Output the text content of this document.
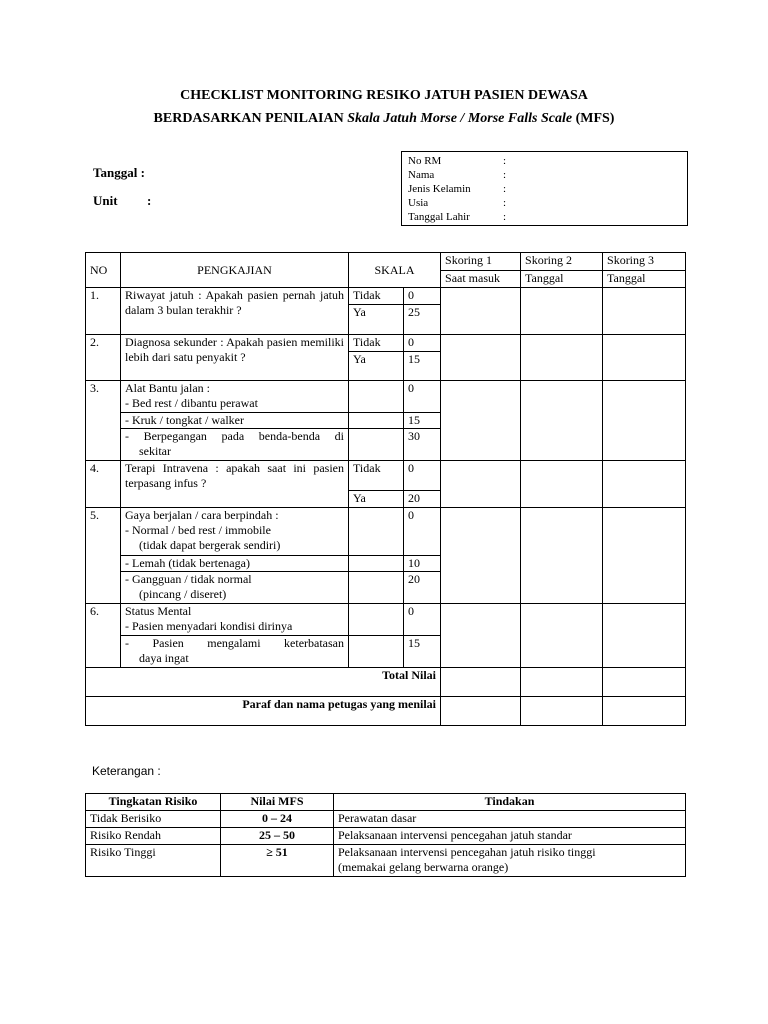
CHECKLIST MONITORING RESIKO JATUH PASIEN DEWASA
BERDASARKAN PENILAIAN Skala Jatuh Morse / Morse Falls Scale (MFS)
Tanggal :
Unit :
No RM	:
Nama	:
Jenis Kelamin	:
Usia	:
Tanggal Lahir	:
NO	PENGKAJIAN	SKALA		Skoring 1	Skoring 2	Skoring 3
				Saat masuk	Tanggal	Tanggal
1.	Riwayat jatuh : Apakah pasien pernah jatuh dalam 3 bulan terakhir ?	Tidak	0			
		Ya	25			
2.	Diagnosa sekunder : Apakah pasien memiliki lebih dari satu penyakit ?	Tidak	0			
		Ya	15			
3.	Alat Bantu jalan :
- Bed rest / dibantu perawat		0			
	- Kruk / tongkat / walker		15			

	- Berpegangan pada benda-benda di
sekitar		30			
4.	Terapi Intravena : apakah saat ini pasien terpasang infus ?	Tidak	0			
		Ya	20			
5.	Gaya berjalan / cara berpindah :
- Normal / bed rest / immobile
(tidak dapat bergerak sendiri)		0			
	- Lemah (tidak bertenaga)		10			

	- Gangguan / tidak normal
(pincang / diseret)		20			
6.	Status Mental
- Pasien menyadari kondisi dirinya		0			

	- Pasien mengalami keterbatasan
daya ingat		15			
Total Nilai						
Paraf dan nama petugas yang menilai						
Keterangan :
Tingkatan Risiko	Nilai MFS	Tindakan
Tidak Berisiko	0 – 24	Perawatan dasar
Risiko Rendah	25 – 50	Pelaksanaan intervensi pencegahan jatuh standar
Risiko Tinggi	≥ 51	Pelaksanaan intervensi pencegahan jatuh risiko tinggi
(memakai gelang berwarna orange)
